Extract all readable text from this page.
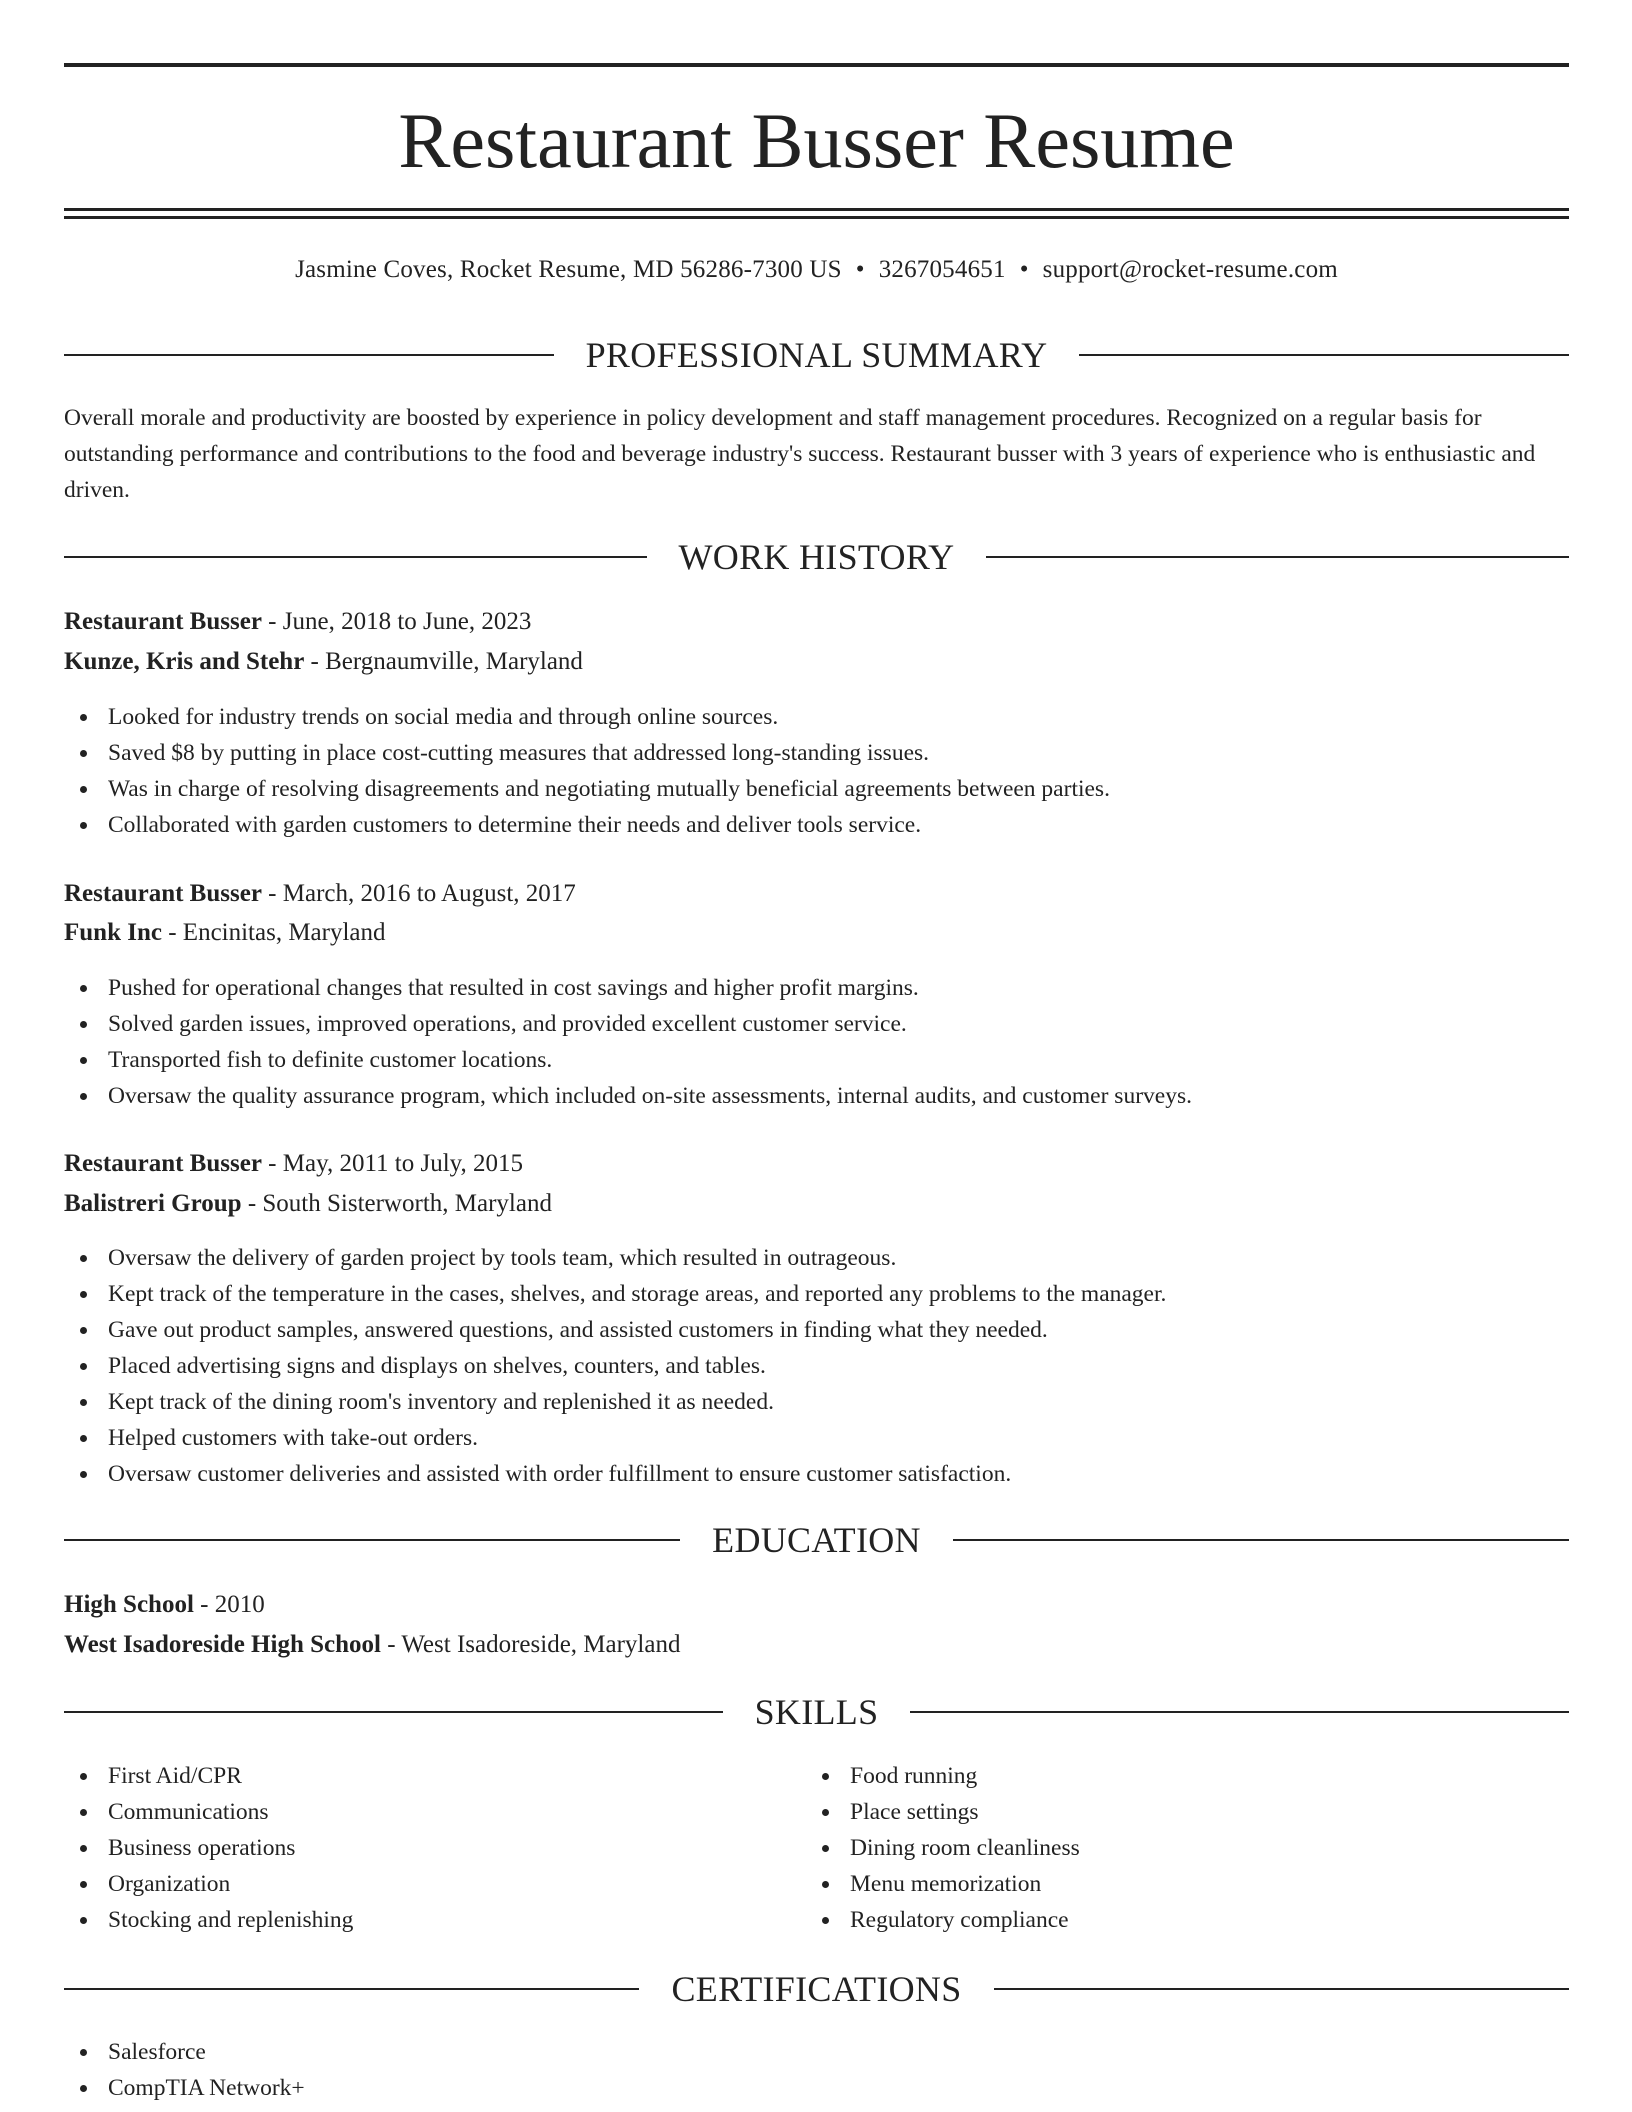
Restaurant Busser Resume
Jasmine Coves, Rocket Resume, MD 56286-7300 US • 3267054651 • support@rocket-resume.com
PROFESSIONAL SUMMARY

Overall morale and productivity are boosted by experience in policy development and staff management procedures. Recognized on a regular basis for outstanding performance and contributions to the food and beverage industry's success. Restaurant busser with 3 years of experience who is enthusiastic and driven.

WORK HISTORY
Restaurant Busser - June, 2018 to June, 2023
Kunze, Kris and Stehr - Bergnaumville, Maryland
Looked for industry trends on social media and through online sources.
Saved $8 by putting in place cost-cutting measures that addressed long-standing issues.
Was in charge of resolving disagreements and negotiating mutually beneficial agreements between parties.
Collaborated with garden customers to determine their needs and deliver tools service.
Restaurant Busser - March, 2016 to August, 2017
Funk Inc - Encinitas, Maryland
Pushed for operational changes that resulted in cost savings and higher profit margins.
Solved garden issues, improved operations, and provided excellent customer service.
Transported fish to definite customer locations.
Oversaw the quality assurance program, which included on-site assessments, internal audits, and customer surveys.
Restaurant Busser - May, 2011 to July, 2015
Balistreri Group - South Sisterworth, Maryland
Oversaw the delivery of garden project by tools team, which resulted in outrageous.
Kept track of the temperature in the cases, shelves, and storage areas, and reported any problems to the manager.
Gave out product samples, answered questions, and assisted customers in finding what they needed.
Placed advertising signs and displays on shelves, counters, and tables.
Kept track of the dining room's inventory and replenished it as needed.
Helped customers with take-out orders.
Oversaw customer deliveries and assisted with order fulfillment to ensure customer satisfaction.
EDUCATION
High School - 2010
West Isadoreside High School - West Isadoreside, Maryland
SKILLS
First Aid/CPR
Communications
Business operations
Organization
Stocking and replenishing
Food running
Place settings
Dining room cleanliness
Menu memorization
Regulatory compliance
CERTIFICATIONS
Salesforce
CompTIA Network+
